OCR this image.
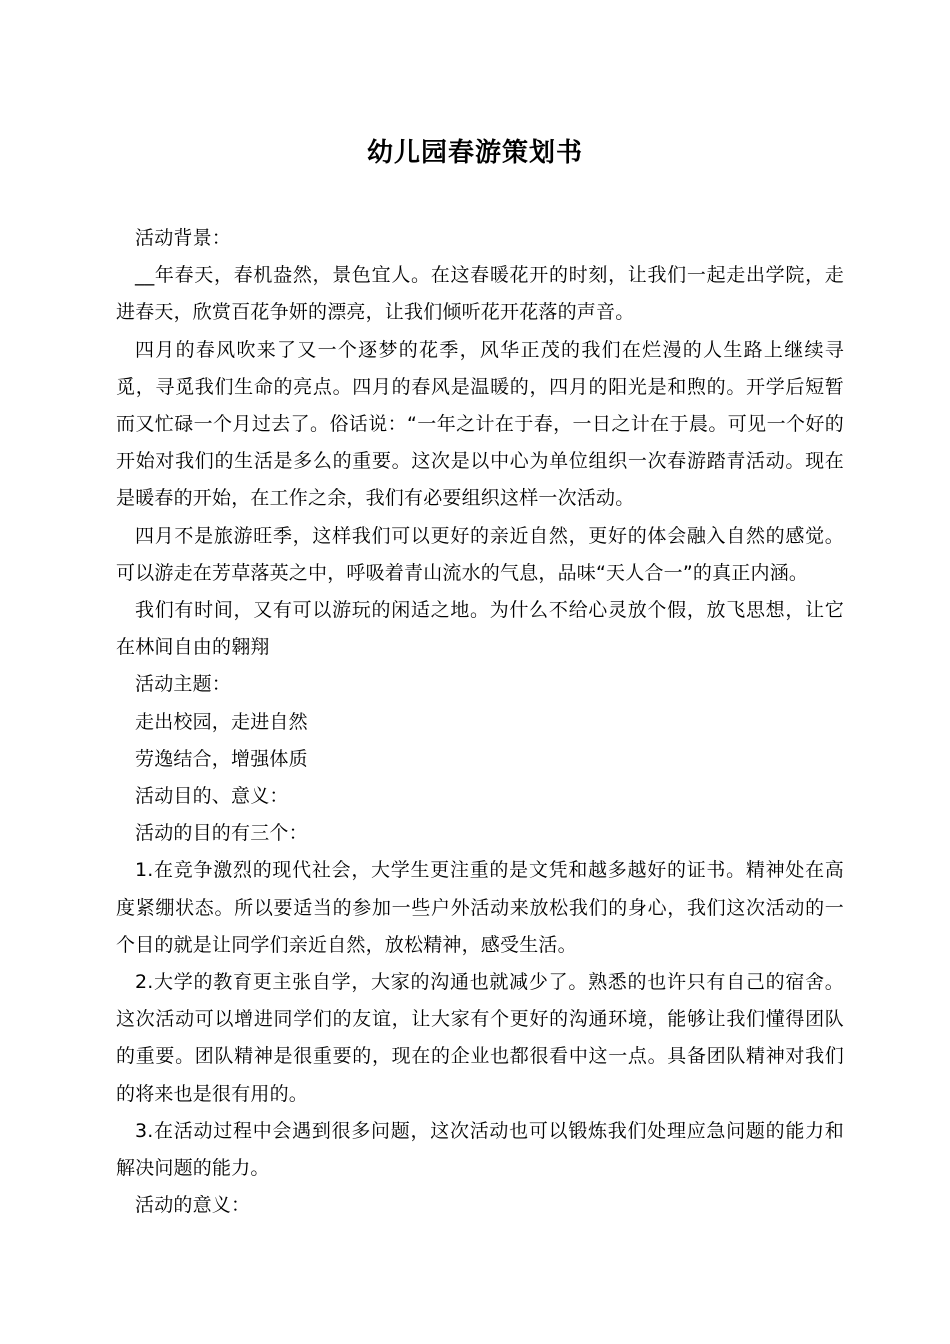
幼儿园春游策划书

活动背景：

__年春天，春机盎然，景色宜人。在这春暖花开的时刻，让我们一起走出学院，走进春天，欣赏百花争妍的漂亮，让我们倾听花开花落的声音。

四月的春风吹来了又一个逐梦的花季，风华正茂的我们在烂漫的人生路上继续寻觅，寻觅我们生命的亮点。四月的春风是温暖的，四月的阳光是和煦的。开学后短暂而又忙碌一个月过去了。俗话说：“一年之计在于春，一日之计在于晨。可见一个好的开始对我们的生活是多么的重要。这次是以中心为单位组织一次春游踏青活动。现在是暖春的开始，在工作之余，我们有必要组织这样一次活动。

四月不是旅游旺季，这样我们可以更好的亲近自然，更好的体会融入自然的感觉。可以游走在芳草落英之中，呼吸着青山流水的气息，品味“天人合一”的真正内涵。

我们有时间，又有可以游玩的闲适之地。为什么不给心灵放个假，放飞思想，让它在林间自由的翱翔

活动主题：

走出校园，走进自然

劳逸结合，增强体质

活动目的、意义：

活动的目的有三个：

1.在竞争激烈的现代社会，大学生更注重的是文凭和越多越好的证书。精神处在高度紧绷状态。所以要适当的参加一些户外活动来放松我们的身心，我们这次活动的一个目的就是让同学们亲近自然，放松精神，感受生活。

2.大学的教育更主张自学，大家的沟通也就减少了。熟悉的也许只有自己的宿舍。这次活动可以增进同学们的友谊，让大家有个更好的沟通环境，能够让我们懂得团队的重要。团队精神是很重要的，现在的企业也都很看中这一点。具备团队精神对我们的将来也是很有用的。

3.在活动过程中会遇到很多问题，这次活动也可以锻炼我们处理应急问题的能力和解决问题的能力。

活动的意义：
